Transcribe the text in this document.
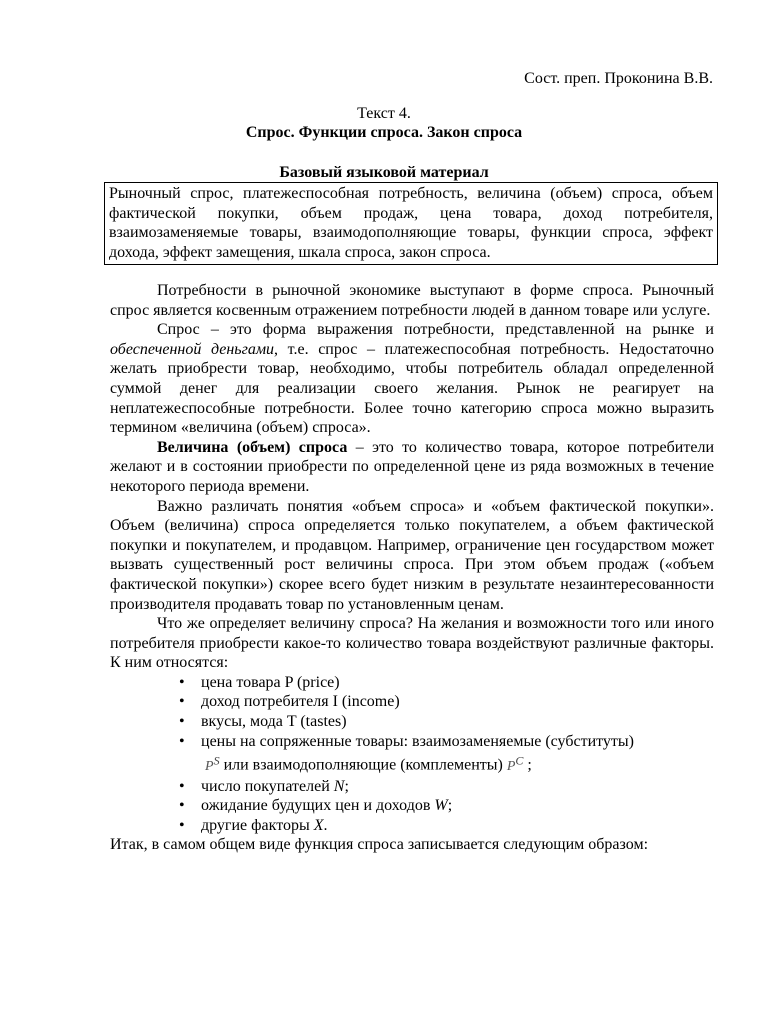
Сост. преп. Проконина В.В.
Текст 4.
Спрос. Функции спроса. Закон спроса
Базовый языковой материал
Рыночный спрос, платежеспособная потребность, величина (объем) спроса, объем фактической покупки, объем продаж, цена товара, доход потребителя, взаимозаменяемые товары, взаимодополняющие товары, функции спроса, эффект дохода, эффект замещения, шкала спроса, закон спроса.

Потребности в рыночной экономике выступают в форме спроса. Рыночный спрос является косвенным отражением потребности людей в данном товаре или услуге.

Спрос – это форма выражения потребности, представленной на рынке и обеспеченной деньгами, т.е. спрос – платежеспособная потребность. Недостаточно желать приобрести товар, необходимо, чтобы потребитель обладал определенной суммой денег для реализации своего желания. Рынок не реагирует на неплатежеспособные потребности. Более точно категорию спроса можно выразить термином «величина (объем) спроса».

Величина (объем) спроса – это то количество товара, которое потребители желают и в состоянии приобрести по определенной цене из ряда возможных в течение некоторого периода времени.

Важно различать понятия «объем спроса» и «объем фактической покупки». Объем (величина) спроса определяется только покупателем, а объем фактической покупки и покупателем, и продавцом. Например, ограничение цен государством может вызвать существенный рост величины спроса. При этом объем продаж («объем фактической покупки») скорее всего будет низким в результате незаинтересованности производителя продавать товар по установленным ценам.

Что же определяет величину спроса? На желания и возможности того или иного потребителя приобрести какое-то количество товара воздействуют различные факторы. К ним относятся:

• цена товара P (price)
• доход потребителя I (income)
• вкусы, мода T (tastes)
• цены на сопряженные товары: взаимозаменяемые (субституты)
$P^S$ или взаимодополняющие (комплементы) $P^C$ ;
• число покупателей N;
• ожидание будущих цен и доходов W;
• другие факторы X.

Итак, в самом общем виде функция спроса записывается следующим образом:
